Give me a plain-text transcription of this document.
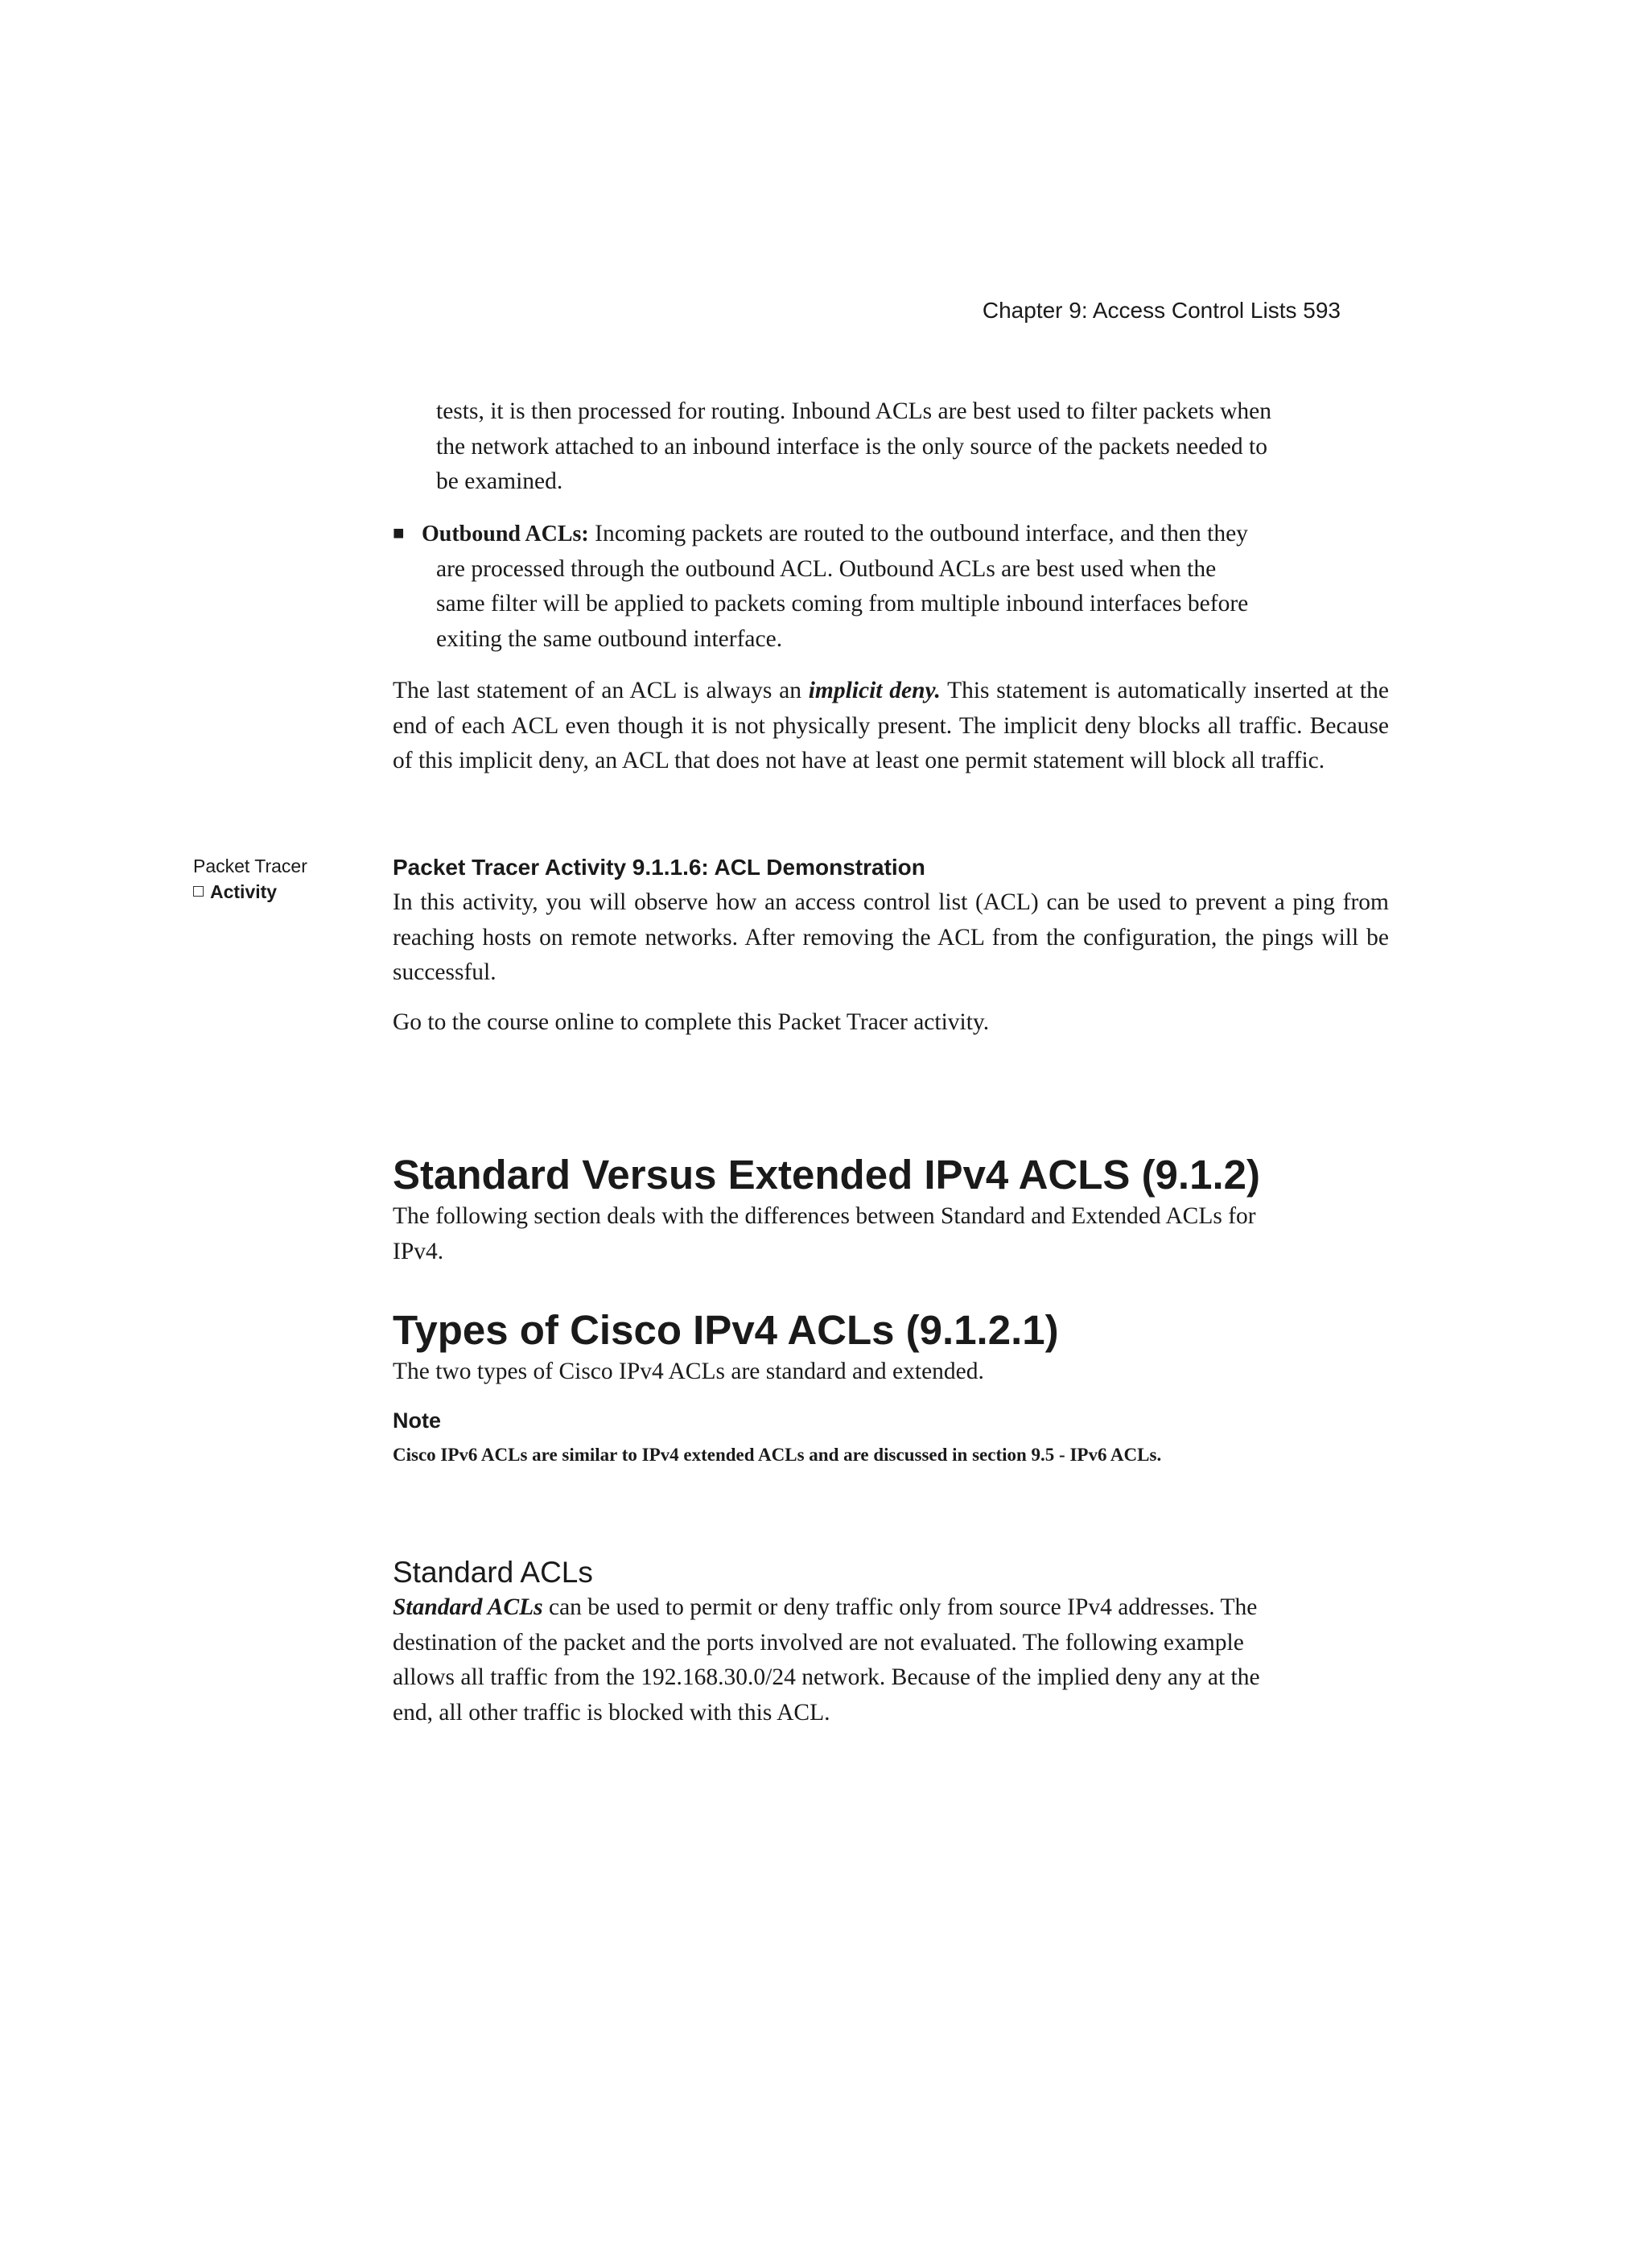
Chapter 9: Access Control Lists 593

tests, it is then processed for routing. Inbound ACLs are best used to filter packets when

the network attached to an inbound interface is the only source of the packets needed to

be examined.

■ Outbound ACLs: Incoming packets are routed to the outbound interface, and then they

are processed through the outbound ACL. Outbound ACLs are best used when the

same filter will be applied to packets coming from multiple inbound interfaces before

exiting the same outbound interface.

The last statement of an ACL is always an implicit deny. This statement is automatically inserted at the end of each ACL even though it is not physically present. The implicit deny blocks all traffic. Because of this implicit deny, an ACL that does not have at least one permit statement will block all traffic.

Packet Tracer
Activity
Packet Tracer Activity 9.1.1.6: ACL Demonstration

In this activity, you will observe how an access control list (ACL) can be used to prevent a ping from reaching hosts on remote networks. After removing the ACL from the configuration, the pings will be successful.

Go to the course online to complete this Packet Tracer activity.

Standard Versus Extended IPv4 ACLS (9.1.2)

The following section deals with the differences between Standard and Extended ACLs for

IPv4.

Types of Cisco IPv4 ACLs (9.1.2.1)

The two types of Cisco IPv4 ACLs are standard and extended.

Note
Cisco IPv6 ACLs are similar to IPv4 extended ACLs and are discussed in section 9.5 - IPv6 ACLs.
Standard ACLs

Standard ACLs can be used to permit or deny traffic only from source IPv4 addresses. The

destination of the packet and the ports involved are not evaluated. The following example

allows all traffic from the 192.168.30.0/24 network. Because of the implied deny any at the

end, all other traffic is blocked with this ACL.
